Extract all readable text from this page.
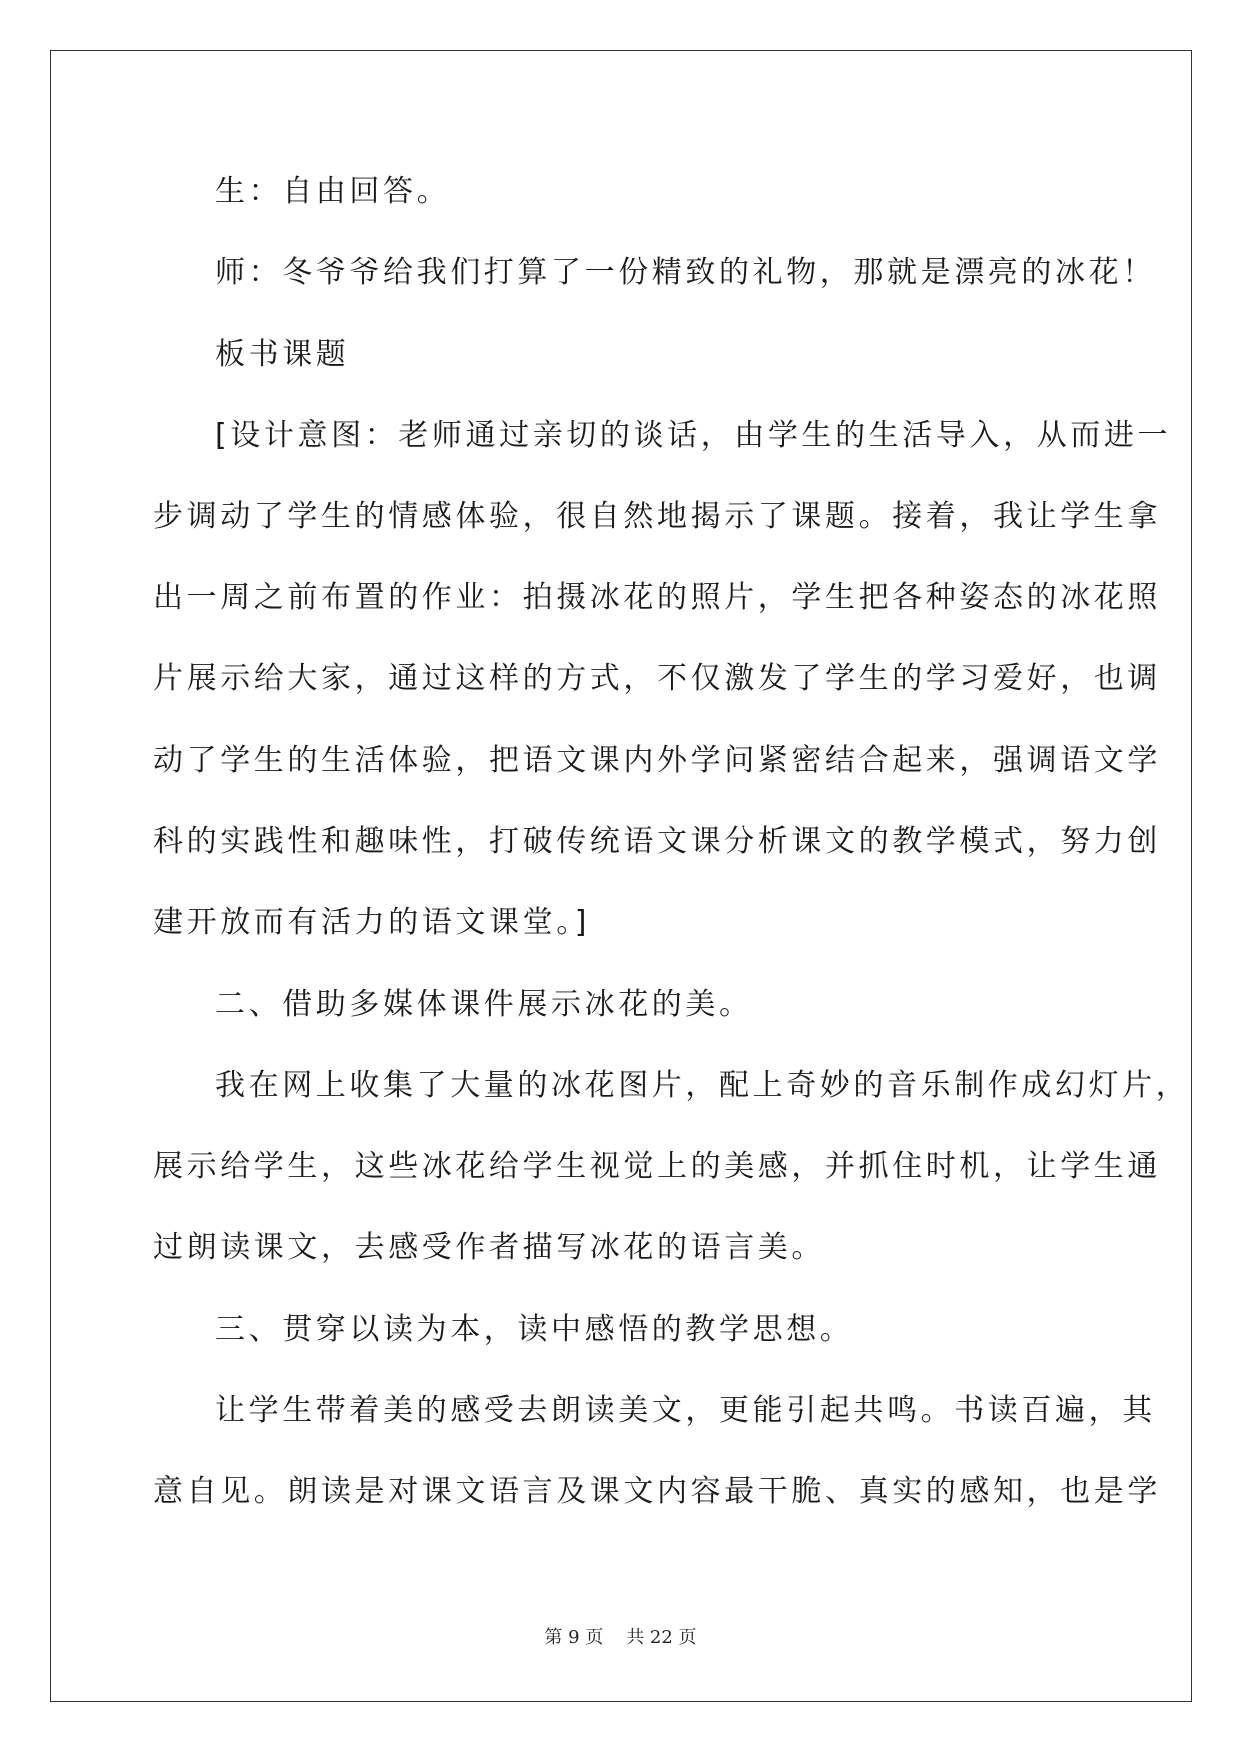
生：自由回答。
师：冬爷爷给我们打算了一份精致的礼物，那就是漂亮的冰花！
板书课题
[设计意图：老师通过亲切的谈话，由学生的生活导入，从而进一
步调动了学生的情感体验，很自然地揭示了课题。接着，我让学生拿
出一周之前布置的作业：拍摄冰花的照片，学生把各种姿态的冰花照
片展示给大家，通过这样的方式，不仅激发了学生的学习爱好，也调
动了学生的生活体验，把语文课内外学问紧密结合起来，强调语文学
科的实践性和趣味性，打破传统语文课分析课文的教学模式，努力创
建开放而有活力的语文课堂。]
二、借助多媒体课件展示冰花的美。
我在网上收集了大量的冰花图片，配上奇妙的音乐制作成幻灯片，
展示给学生，这些冰花给学生视觉上的美感，并抓住时机，让学生通
过朗读课文，去感受作者描写冰花的语言美。
三、贯穿以读为本，读中感悟的教学思想。
让学生带着美的感受去朗读美文，更能引起共鸣。书读百遍，其
意自见。朗读是对课文语言及课文内容最干脆、真实的感知，也是学
第 9 页    共 22 页
